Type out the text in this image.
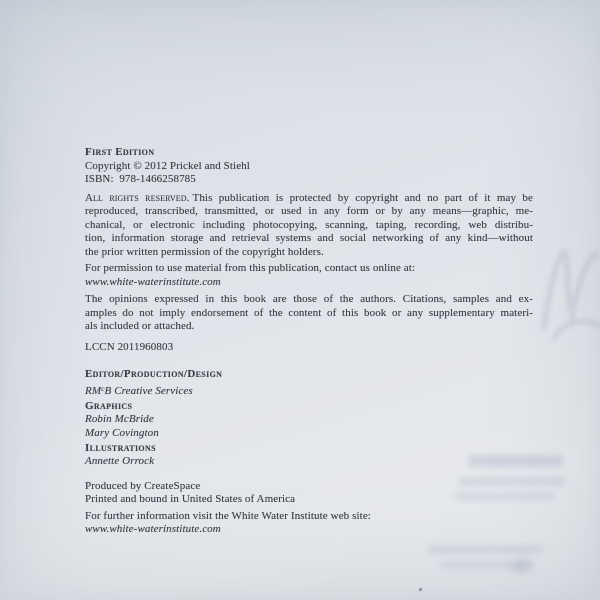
First Edition
Copyright © 2012 Prickel and Stiehl
ISBN:  978-1466258785
All rights reserved. This publication is protected by copyright and no part of it may be
reproduced, transcribed, transmitted, or used in any form or by any means—graphic, me-
chanical, or electronic including photocopying, scanning, taping, recording, web distribu-
tion, information storage and retrieval systems and social networking of any kind—without
the prior written permission of the copyright holders.
For permission to use material from this publication, contact us online at:
www.white-waterinstitute.com
The opinions expressed in this book are those of the authors. Citations, samples and ex-
amples do not imply endorsement of the content of this book or any supplementary materi-
als included or attached.
LCCN 2011960803
Editor/Production/Design
$RM^cB$ Creative Services
Graphics
Robin McBride
Mary Covington
Illustrations
Annette Orrock
Produced by CreateSpace
Printed and bound in United States of America
For further information visit the White Water Institute web site:
www.white-waterinstitute.com
